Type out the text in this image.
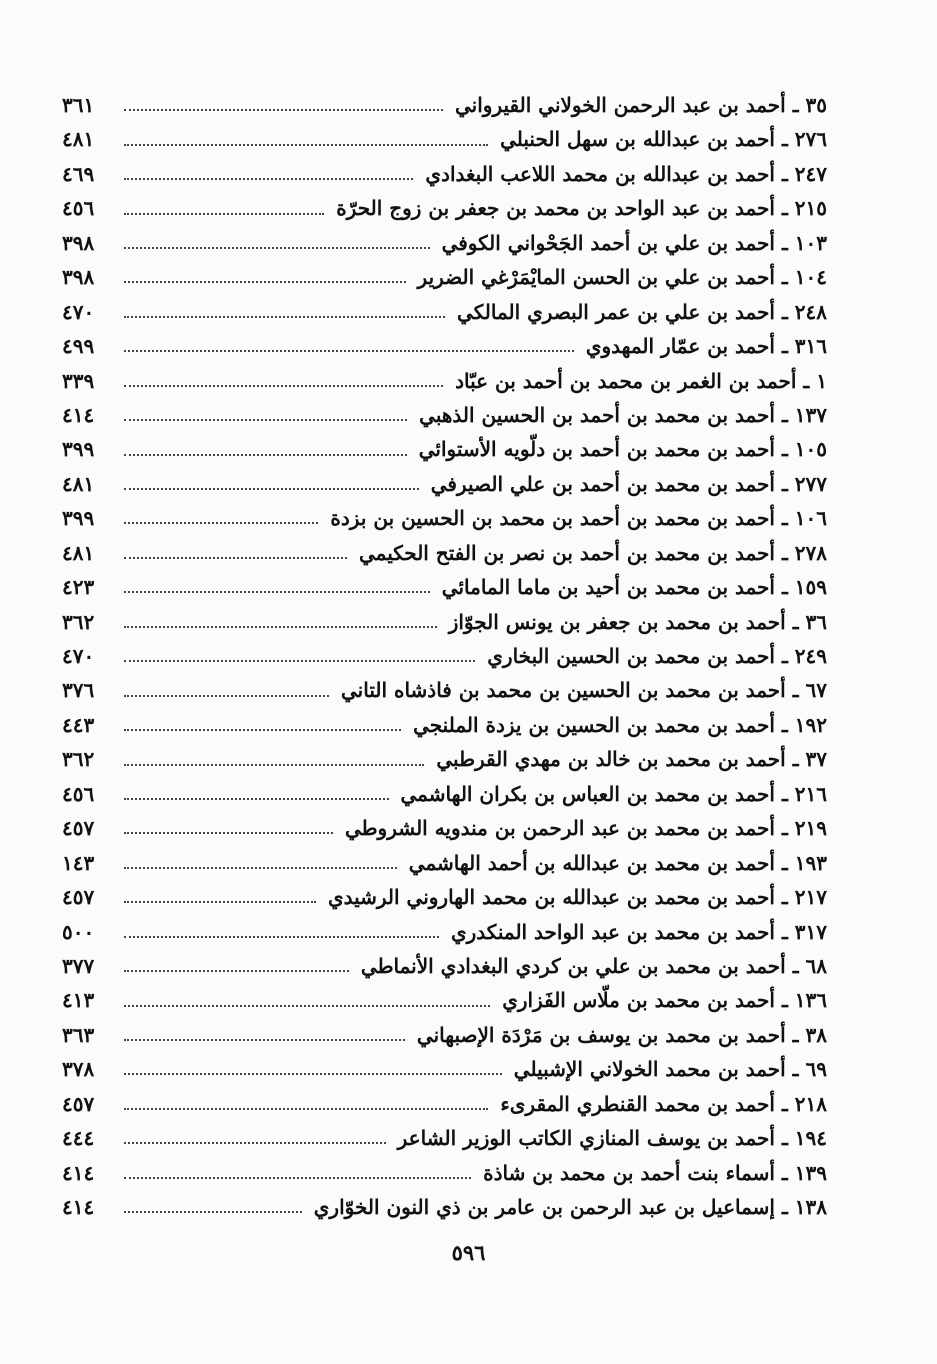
٣٥ ـ أحمد بن عبد الرحمن الخولاني القيرواني
٣٦١
٢٧٦ ـ أحمد بن عبدالله بن سهل الحنبلي
٤٨١
٢٤٧ ـ أحمد بن عبدالله بن محمد اللاعب البغدادي
٤٦٩
٢١٥ ـ أحمد بن عبد الواحد بن محمد بن جعفر بن زوج الحرّة
٤٥٦
١٠٣ ـ أحمد بن علي بن أحمد الجَحْواني الكوفي
٣٩٨
١٠٤ ـ أحمد بن علي بن الحسن المايْمَرْغي الضرير
٣٩٨
٢٤٨ ـ أحمد بن علي بن عمر البصري المالكي
٤٧٠
٣١٦ ـ أحمد بن عمّار المهدوي
٤٩٩
١ ـ أحمد بن الغمر بن محمد بن أحمد بن عبّاد
٣٣٩
١٣٧ ـ أحمد بن محمد بن أحمد بن الحسين الذهبي
٤١٤
١٠٥ ـ أحمد بن محمد بن أحمد بن دلّويه الأستوائي
٣٩٩
٢٧٧ ـ أحمد بن محمد بن أحمد بن علي الصيرفي
٤٨١
١٠٦ ـ أحمد بن محمد بن أحمد بن محمد بن الحسين بن بزدة
٣٩٩
٢٧٨ ـ أحمد بن محمد بن أحمد بن نصر بن الفتح الحكيمي
٤٨١
١٥٩ ـ أحمد بن محمد بن أحيد بن ماما المامائي
٤٢٣
٣٦ ـ أحمد بن محمد بن جعفر بن يونس الجوّاز
٣٦٢
٢٤٩ ـ أحمد بن محمد بن الحسين البخاري
٤٧٠
٦٧ ـ أحمد بن محمد بن الحسين بن محمد بن فاذشاه التاني
٣٧٦
١٩٢ ـ أحمد بن محمد بن الحسين بن يزدة الملنجي
٤٤٣
٣٧ ـ أحمد بن محمد بن خالد بن مهدي القرطبي
٣٦٢
٢١٦ ـ أحمد بن محمد بن العباس بن بكران الهاشمي
٤٥٦
٢١٩ ـ أحمد بن محمد بن عبد الرحمن بن مندويه الشروطي
٤٥٧
١٩٣ ـ أحمد بن محمد بن عبدالله بن أحمد الهاشمي
١٤٣
٢١٧ ـ أحمد بن محمد بن عبدالله بن محمد الهاروني الرشيدي
٤٥٧
٣١٧ ـ أحمد بن محمد بن عبد الواحد المنكدري
٥٠٠
٦٨ ـ أحمد بن محمد بن علي بن كردي البغدادي الأنماطي
٣٧٧
١٣٦ ـ أحمد بن محمد بن ملّاس الفَزاري
٤١٣
٣٨ ـ أحمد بن محمد بن يوسف بن مَرْدَة الإصبهاني
٣٦٣
٦٩ ـ أحمد بن محمد الخولاني الإشبيلي
٣٧٨
٢١٨ ـ أحمد بن محمد القنطري المقرىء
٤٥٧
١٩٤ ـ أحمد بن يوسف المنازي الكاتب الوزير الشاعر
٤٤٤
١٣٩ ـ أسماء بنت أحمد بن محمد بن شاذة
٤١٤
١٣٨ ـ إسماعيل بن عبد الرحمن بن عامر بن ذي النون الخوّاري
٤١٤
٥٩٦
